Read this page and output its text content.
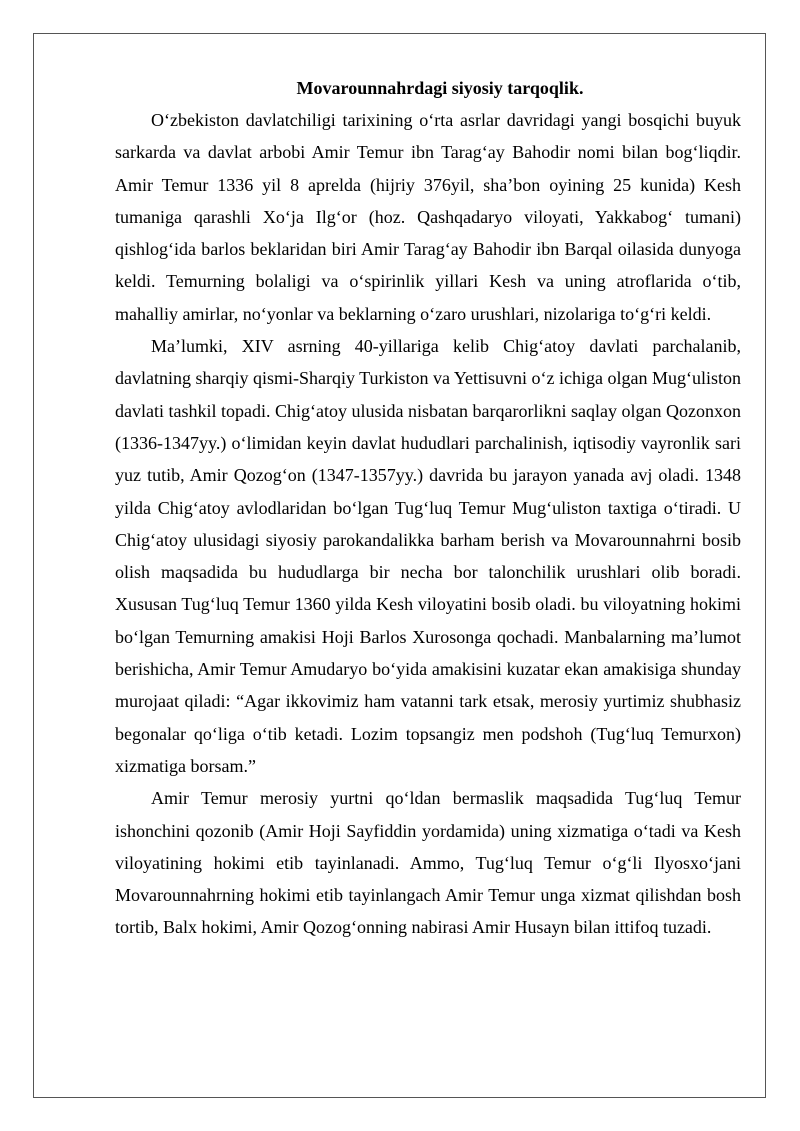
Movarounnahrdagi siyosiy tarqoqlik.

O‘zbekiston davlatchiligi tarixining o‘rta asrlar davridagi yangi bosqichi buyuk sarkarda va davlat arbobi Amir Temur ibn Tarag‘ay Bahodir nomi bilan bog‘liqdir. Amir Temur 1336 yil 8 aprelda (hijriy 376yil, sha’bon oyining 25 kunida) Kesh tumaniga qarashli Xo‘ja Ilg‘or (hoz. Qashqadaryo viloyati, Yakkabog‘ tumani) qishlog‘ida barlos beklaridan biri Amir Tarag‘ay Bahodir ibn Barqal oilasida dunyoga keldi. Temurning bolaligi va o‘spirinlik yillari Kesh va uning atroflarida o‘tib, mahalliy amirlar, no‘yonlar va beklarning o‘zaro urushlari, nizolariga to‘g‘ri keldi.

Ma’lumki, XIV asrning 40-yillariga kelib Chig‘atoy davlati parchalanib, davlatning sharqiy qismi-Sharqiy Turkiston va Yettisuvni o‘z ichiga olgan Mug‘uliston davlati tashkil topadi. Chig‘atoy ulusida nisbatan barqarorlikni saqlay olgan Qozonxon (1336-1347yy.) o‘limidan keyin davlat hududlari parchalinish, iqtisodiy vayronlik sari yuz tutib, Amir Qozog‘on (1347-1357yy.) davrida bu jarayon yanada avj oladi. 1348 yilda Chig‘atoy avlodlaridan bo‘lgan Tug‘luq Temur Mug‘uliston taxtiga o‘tiradi. U Chig‘atoy ulusidagi siyosiy parokandalikka barham berish va Movarounnahrni bosib olish maqsadida bu hududlarga bir necha bor talonchilik urushlari olib boradi. Xususan Tug‘luq Temur 1360 yilda Kesh viloyatini bosib oladi. bu viloyatning hokimi bo‘lgan Temurning amakisi Hoji Barlos Xurosonga qochadi. Manbalarning ma’lumot berishicha, Amir Temur Amudaryo bo‘yida amakisini kuzatar ekan amakisiga shunday murojaat qiladi: “Agar ikkovimiz ham vatanni tark etsak, merosiy yurtimiz shubhasiz begonalar qo‘liga o‘tib ketadi. Lozim topsangiz men podshoh (Tug‘luq Temurxon) xizmatiga borsam.”

Amir Temur merosiy yurtni qo‘ldan bermaslik maqsadida Tug‘luq Temur ishonchini qozonib (Amir Hoji Sayfiddin yordamida) uning xizmatiga o‘tadi va Kesh viloyatining hokimi etib tayinlanadi. Ammo, Tug‘luq Temur o‘g‘li Ilyosxo‘jani Movarounnahrning hokimi etib tayinlangach Amir Temur unga xizmat qilishdan bosh tortib, Balx hokimi, Amir Qozog‘onning nabirasi Amir Husayn bilan ittifoq tuzadi.
